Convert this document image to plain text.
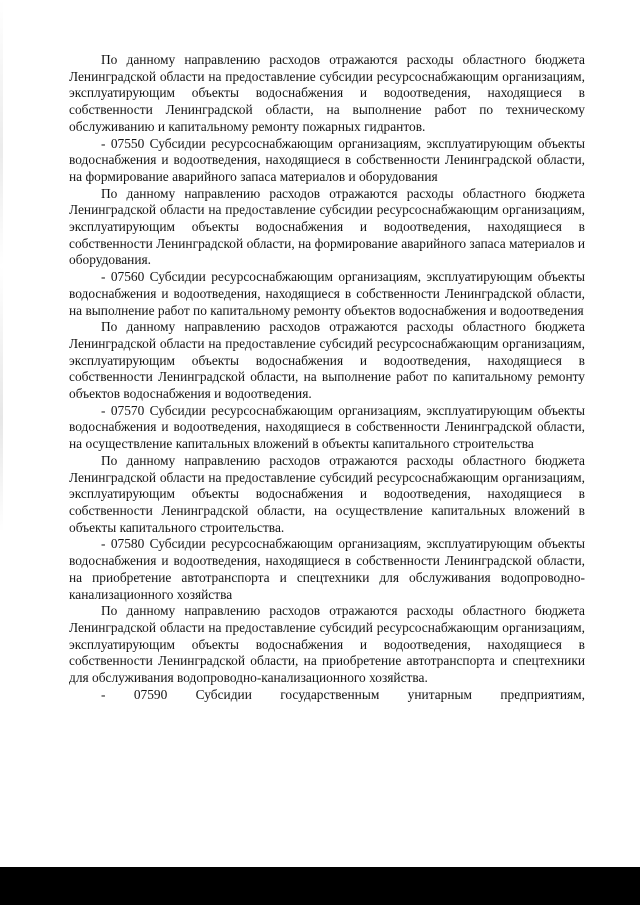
По данному направлению расходов отражаются расходы областного бюджета Ленинградской области на предоставление субсидии ресурсоснабжающим организациям, эксплуатирующим объекты водоснабжения и водоотведения, находящиеся в собственности Ленинградской области, на выполнение работ по техническому обслуживанию и капитальному ремонту пожарных гидрантов.

- 07550 Субсидии ресурсоснабжающим организациям, эксплуатирующим объекты водоснабжения и водоотведения, находящиеся в собственности Ленинградской области, на формирование аварийного запаса материалов и оборудования

По данному направлению расходов отражаются расходы областного бюджета Ленинградской области на предоставление субсидии ресурсоснабжающим организациям, эксплуатирующим объекты водоснабжения и водоотведения, находящиеся в собственности Ленинградской области, на формирование аварийного запаса материалов и оборудования.

- 07560 Субсидии ресурсоснабжающим организациям, эксплуатирующим объекты водоснабжения и водоотведения, находящиеся в собственности Ленинградской области, на выполнение работ по капитальному ремонту объектов водоснабжения и водоотведения

По данному направлению расходов отражаются расходы областного бюджета Ленинградской области на предоставление субсидий ресурсоснабжающим организациям, эксплуатирующим объекты водоснабжения и водоотведения, находящиеся в собственности Ленинградской области, на выполнение работ по капитальному ремонту объектов водоснабжения и водоотведения.

- 07570 Субсидии ресурсоснабжающим организациям, эксплуатирующим объекты водоснабжения и водоотведения, находящиеся в собственности Ленинградской области, на осуществление капитальных вложений в объекты капитального строительства

По данному направлению расходов отражаются расходы областного бюджета Ленинградской области на предоставление субсидий ресурсоснабжающим организациям, эксплуатирующим объекты водоснабжения и водоотведения, находящиеся в собственности Ленинградской области, на осуществление капитальных вложений в объекты капитального строительства.

- 07580 Субсидии ресурсоснабжающим организациям, эксплуатирующим объекты водоснабжения и водоотведения, находящиеся в собственности Ленинградской области, на приобретение автотранспорта и спецтехники для обслуживания водопроводно-канализационного хозяйства

По данному направлению расходов отражаются расходы областного бюджета Ленинградской области на предоставление субсидий ресурсоснабжающим организациям, эксплуатирующим объекты водоснабжения и водоотведения, находящиеся в собственности Ленинградской области, на приобретение автотранспорта и спецтехники для обслуживания водопроводно-канализационного хозяйства.

- 07590 Субсидии государственным унитарным предприятиям,
